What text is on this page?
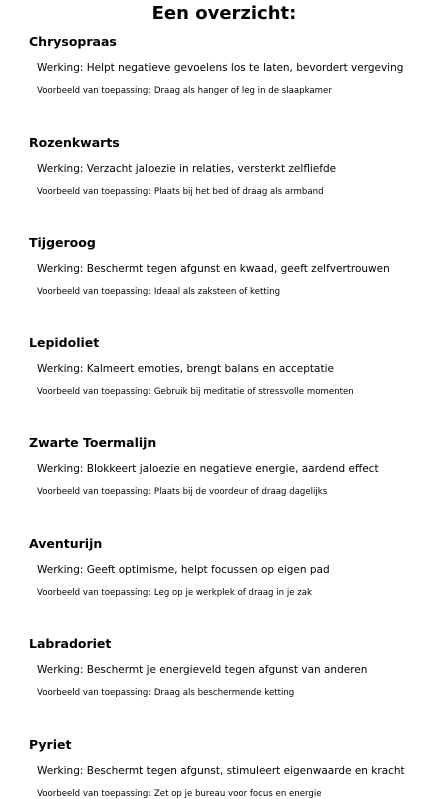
Een overzicht:
Chrysopraas

Werking: Helpt negatieve gevoelens los te laten, bevordert vergeving

Voorbeeld van toepassing: Draag als hanger of leg in de slaapkamer

Rozenkwarts

Werking: Verzacht jaloezie in relaties, versterkt zelfliefde

Voorbeeld van toepassing: Plaats bij het bed of draag als armband

Tijgeroog

Werking: Beschermt tegen afgunst en kwaad, geeft zelfvertrouwen

Voorbeeld van toepassing: Ideaal als zaksteen of ketting

Lepidoliet

Werking: Kalmeert emoties, brengt balans en acceptatie

Voorbeeld van toepassing: Gebruik bij meditatie of stressvolle momenten

Zwarte Toermalijn

Werking: Blokkeert jaloezie en negatieve energie, aardend effect

Voorbeeld van toepassing: Plaats bij de voordeur of draag dagelijks

Aventurijn

Werking: Geeft optimisme, helpt focussen op eigen pad

Voorbeeld van toepassing: Leg op je werkplek of draag in je zak

Labradoriet

Werking: Beschermt je energieveld tegen afgunst van anderen

Voorbeeld van toepassing: Draag als beschermende ketting

Pyriet

Werking: Beschermt tegen afgunst, stimuleert eigenwaarde en kracht

Voorbeeld van toepassing: Zet op je bureau voor focus en energie
